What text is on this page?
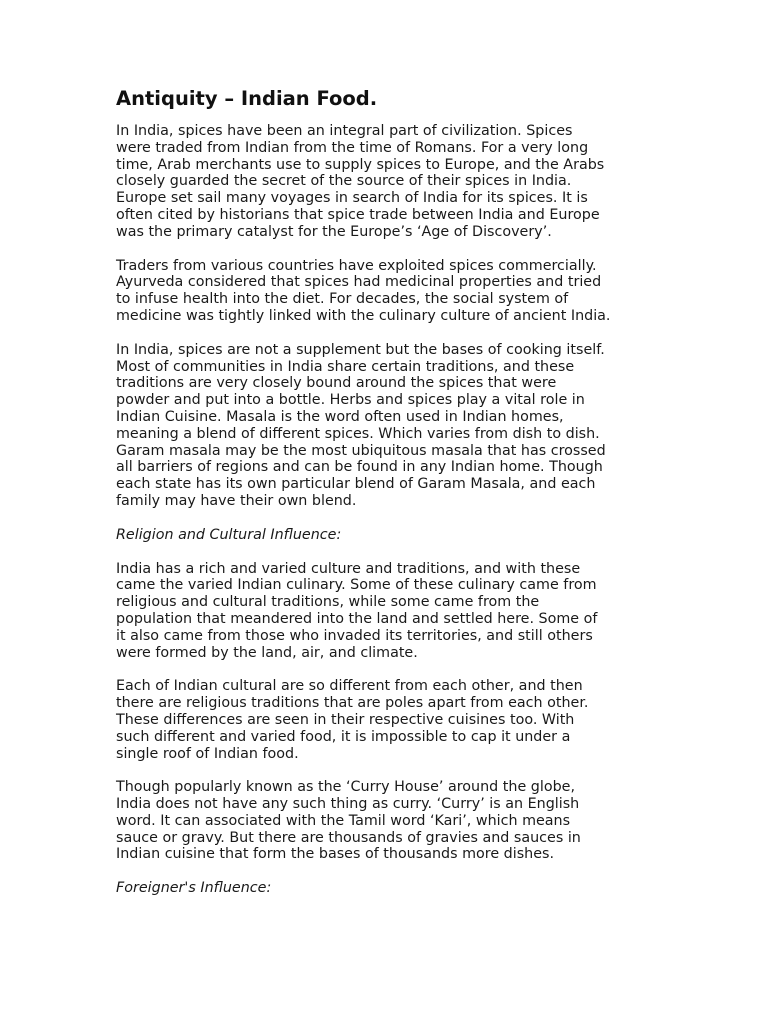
Antiquity – Indian Food.

In India, spices have been an integral part of civilization. Spices
were traded from Indian from the time of Romans. For a very long
time, Arab merchants use to supply spices to Europe, and the Arabs
closely guarded the secret of the source of their spices in India.
Europe set sail many voyages in search of India for its spices. It is
often cited by historians that spice trade between India and Europe
was the primary catalyst for the Europe’s ‘Age of Discovery’.

Traders from various countries have exploited spices commercially.
Ayurveda considered that spices had medicinal properties and tried
to infuse health into the diet. For decades, the social system of
medicine was tightly linked with the culinary culture of ancient India.

In India, spices are not a supplement but the bases of cooking itself.
Most of communities in India share certain traditions, and these
traditions are very closely bound around the spices that were
powder and put into a bottle. Herbs and spices play a vital role in
Indian Cuisine. Masala is the word often used in Indian homes,
meaning a blend of different spices. Which varies from dish to dish.
Garam masala may be the most ubiquitous masala that has crossed
all barriers of regions and can be found in any Indian home. Though
each state has its own particular blend of Garam Masala, and each
family may have their own blend.

Religion and Cultural Influence:

India has a rich and varied culture and traditions, and with these
came the varied Indian culinary. Some of these culinary came from
religious and cultural traditions, while some came from the
population that meandered into the land and settled here. Some of
it also came from those who invaded its territories, and still others
were formed by the land, air, and climate.

Each of Indian cultural are so different from each other, and then
there are religious traditions that are poles apart from each other.
These differences are seen in their respective cuisines too. With
such different and varied food, it is impossible to cap it under a
single roof of Indian food.

Though popularly known as the ‘Curry House’ around the globe,
India does not have any such thing as curry. ‘Curry’ is an English
word. It can associated with the Tamil word ‘Kari’, which means
sauce or gravy. But there are thousands of gravies and sauces in
Indian cuisine that form the bases of thousands more dishes.

Foreigner's Influence:
